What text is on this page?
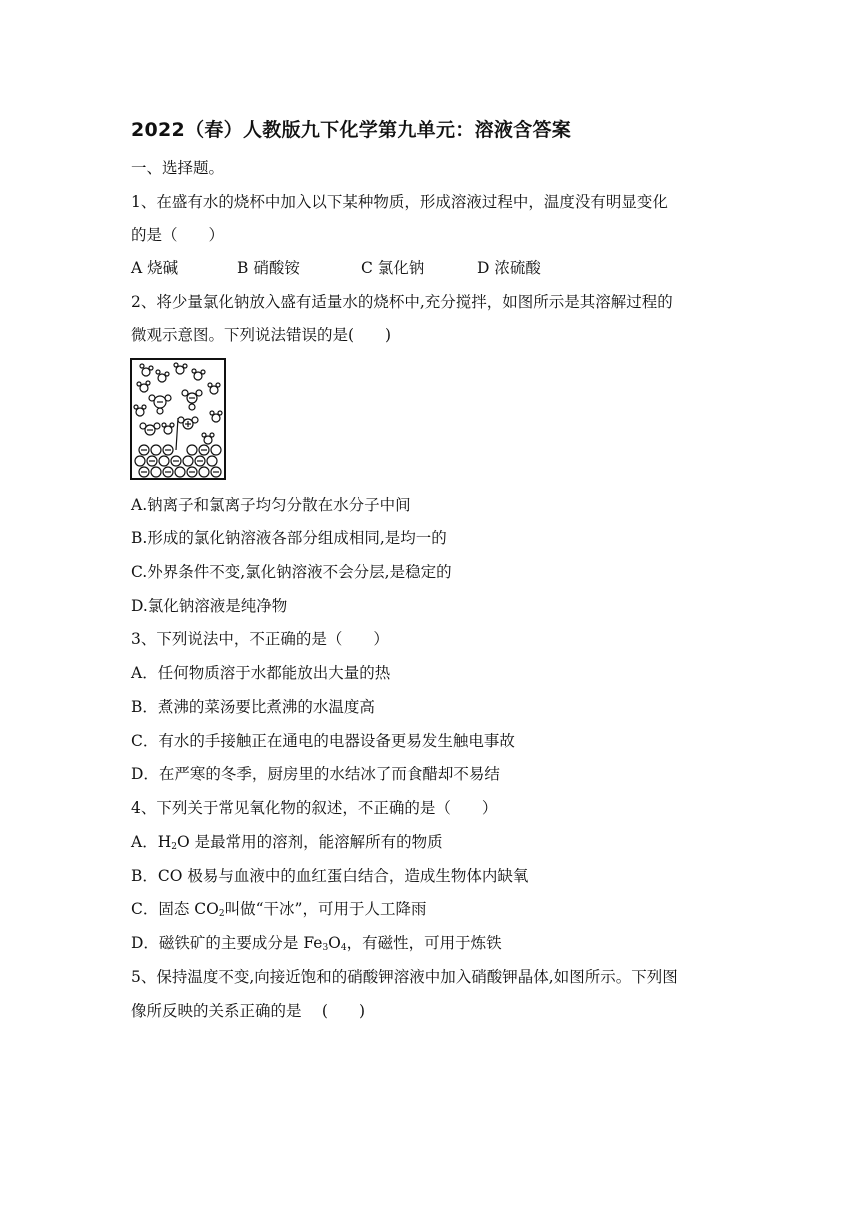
2022（春）人教版九下化学第九单元：溶液含答案
一、选择题。
1、在盛有水的烧杯中加入以下某种物质，形成溶液过程中，温度没有明显变化
的是（　　）
A 烧碱	B 硝酸铵	C 氯化钠	D 浓硫酸
2、将少量氯化钠放入盛有适量水的烧杯中,充分搅拌，如图所示是其溶解过程的
微观示意图。下列说法错误的是(　　)
A.钠离子和氯离子均匀分散在水分子中间
B.形成的氯化钠溶液各部分组成相同,是均一的
C.外界条件不变,氯化钠溶液不会分层,是稳定的
D.氯化钠溶液是纯净物
3、下列说法中，不正确的是（　　）
A．任何物质溶于水都能放出大量的热
B．煮沸的菜汤要比煮沸的水温度高
C．有水的手接触正在通电的电器设备更易发生触电事故
D．在严寒的冬季，厨房里的水结冰了而食醋却不易结
4、下列关于常见氧化物的叙述，不正确的是（　　）
A．$H_2O$ 是最常用的溶剂，能溶解所有的物质
B．CO 极易与血液中的血红蛋白结合，造成生物体内缺氧
C．固态 $CO_2$叫做“干冰”，可用于人工降雨
D．磁铁矿的主要成分是 $Fe_3O_4$，有磁性，可用于炼铁
5、保持温度不变,向接近饱和的硝酸钾溶液中加入硝酸钾晶体,如图所示。下列图
像所反映的关系正确的是　 (　　)
